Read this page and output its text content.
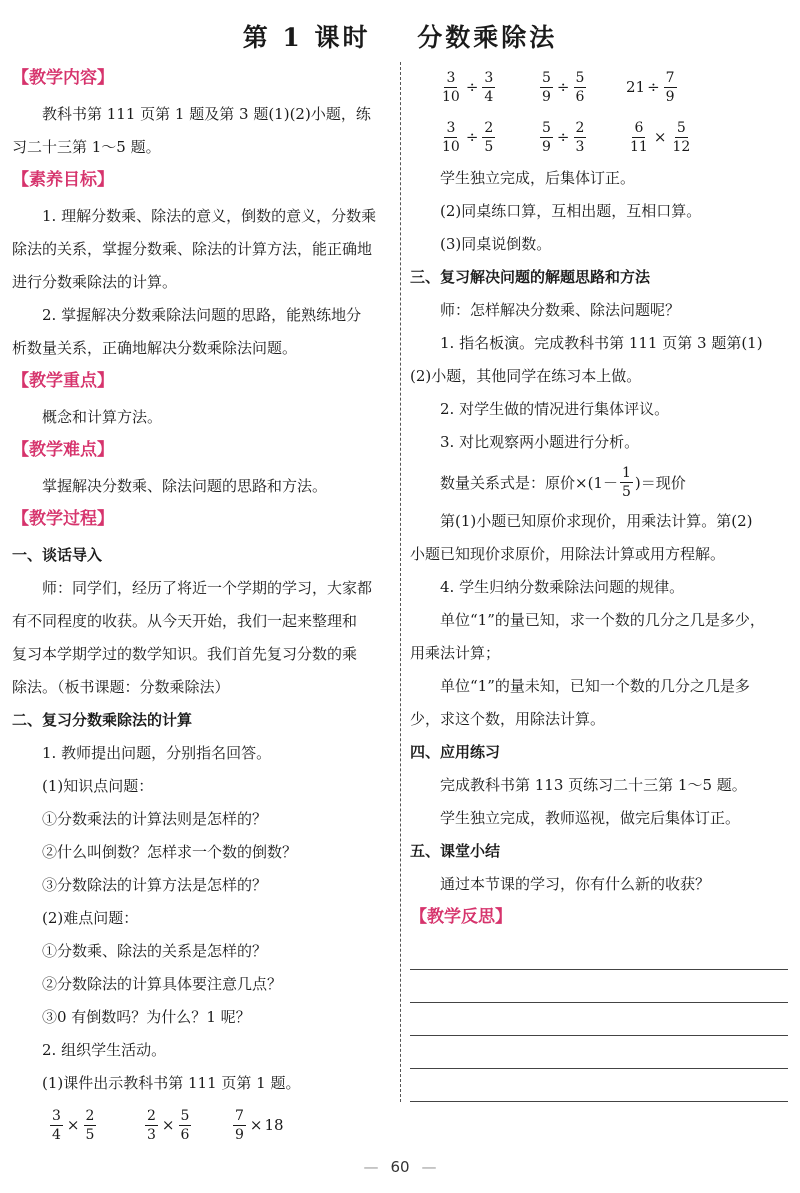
第 1 课时    分数乘除法
【教学内容】
教科书第 111 页第 1 题及第 3 题(1)(2)小题，练
习二十三第 1～5 题。
【素养目标】
1. 理解分数乘、除法的意义，倒数的意义，分数乘
除法的关系，掌握分数乘、除法的计算方法，能正确地
进行分数乘除法的计算。
2. 掌握解决分数乘除法问题的思路，能熟练地分
析数量关系，正确地解决分数乘除法问题。
【教学重点】
概念和计算方法。
【教学难点】
掌握解决分数乘、除法问题的思路和方法。
【教学过程】
一、谈话导入
师：同学们，经历了将近一个学期的学习，大家都
有不同程度的收获。从今天开始，我们一起来整理和
复习本学期学过的数学知识。我们首先复习分数的乘
除法。（板书课题：分数乘除法）
二、复习分数乘除法的计算
1. 教师提出问题，分别指名回答。
(1)知识点问题：
①分数乘法的计算法则是怎样的？
②什么叫倒数？怎样求一个数的倒数？
③分数除法的计算方法是怎样的？
(2)难点问题：
①分数乘、除法的关系是怎样的？
②分数除法的计算具体要注意几点？
③0 有倒数吗？为什么？1 呢？
2. 组织学生活动。
(1)课件出示教科书第 111 页第 1 题。
$\frac{3}{4} \times \frac{2}{5}$	$\frac{2}{3} \times \frac{5}{6}$	$\frac{7}{9} \times 18$
$\frac{3}{10} \div \frac{3}{4}$	$\frac{5}{9} \div \frac{5}{6}$	$21 \div \frac{7}{9}$
$\frac{3}{10} \div \frac{2}{5}$	$\frac{5}{9} \div \frac{2}{3}$	$\frac{6}{11} \times \frac{5}{12}$
学生独立完成，后集体订正。
(2)同桌练口算，互相出题，互相口算。
(3)同桌说倒数。
三、复习解决问题的解题思路和方法
师：怎样解决分数乘、除法问题呢？
1. 指名板演。完成教科书第 111 页第 3 题第(1)
(2)小题，其他同学在练习本上做。
2. 对学生做的情况进行集体评议。
3. 对比观察两小题进行分析。
数量关系式是：原价$\times(1- \frac{1}{5}$ )＝现价
第(1)小题已知原价求现价，用乘法计算。第(2)
小题已知现价求原价，用除法计算或用方程解。
4. 学生归纳分数乘除法问题的规律。
单位“1”的量已知，求一个数的几分之几是多少，
用乘法计算；
单位“1”的量未知，已知一个数的几分之几是多
少，求这个数，用除法计算。
四、应用练习
完成教科书第 113 页练习二十三第 1～5 题。
学生独立完成，教师巡视，做完后集体订正。
五、课堂小结
通过本节课的学习，你有什么新的收获？
【教学反思】
— 60 —
